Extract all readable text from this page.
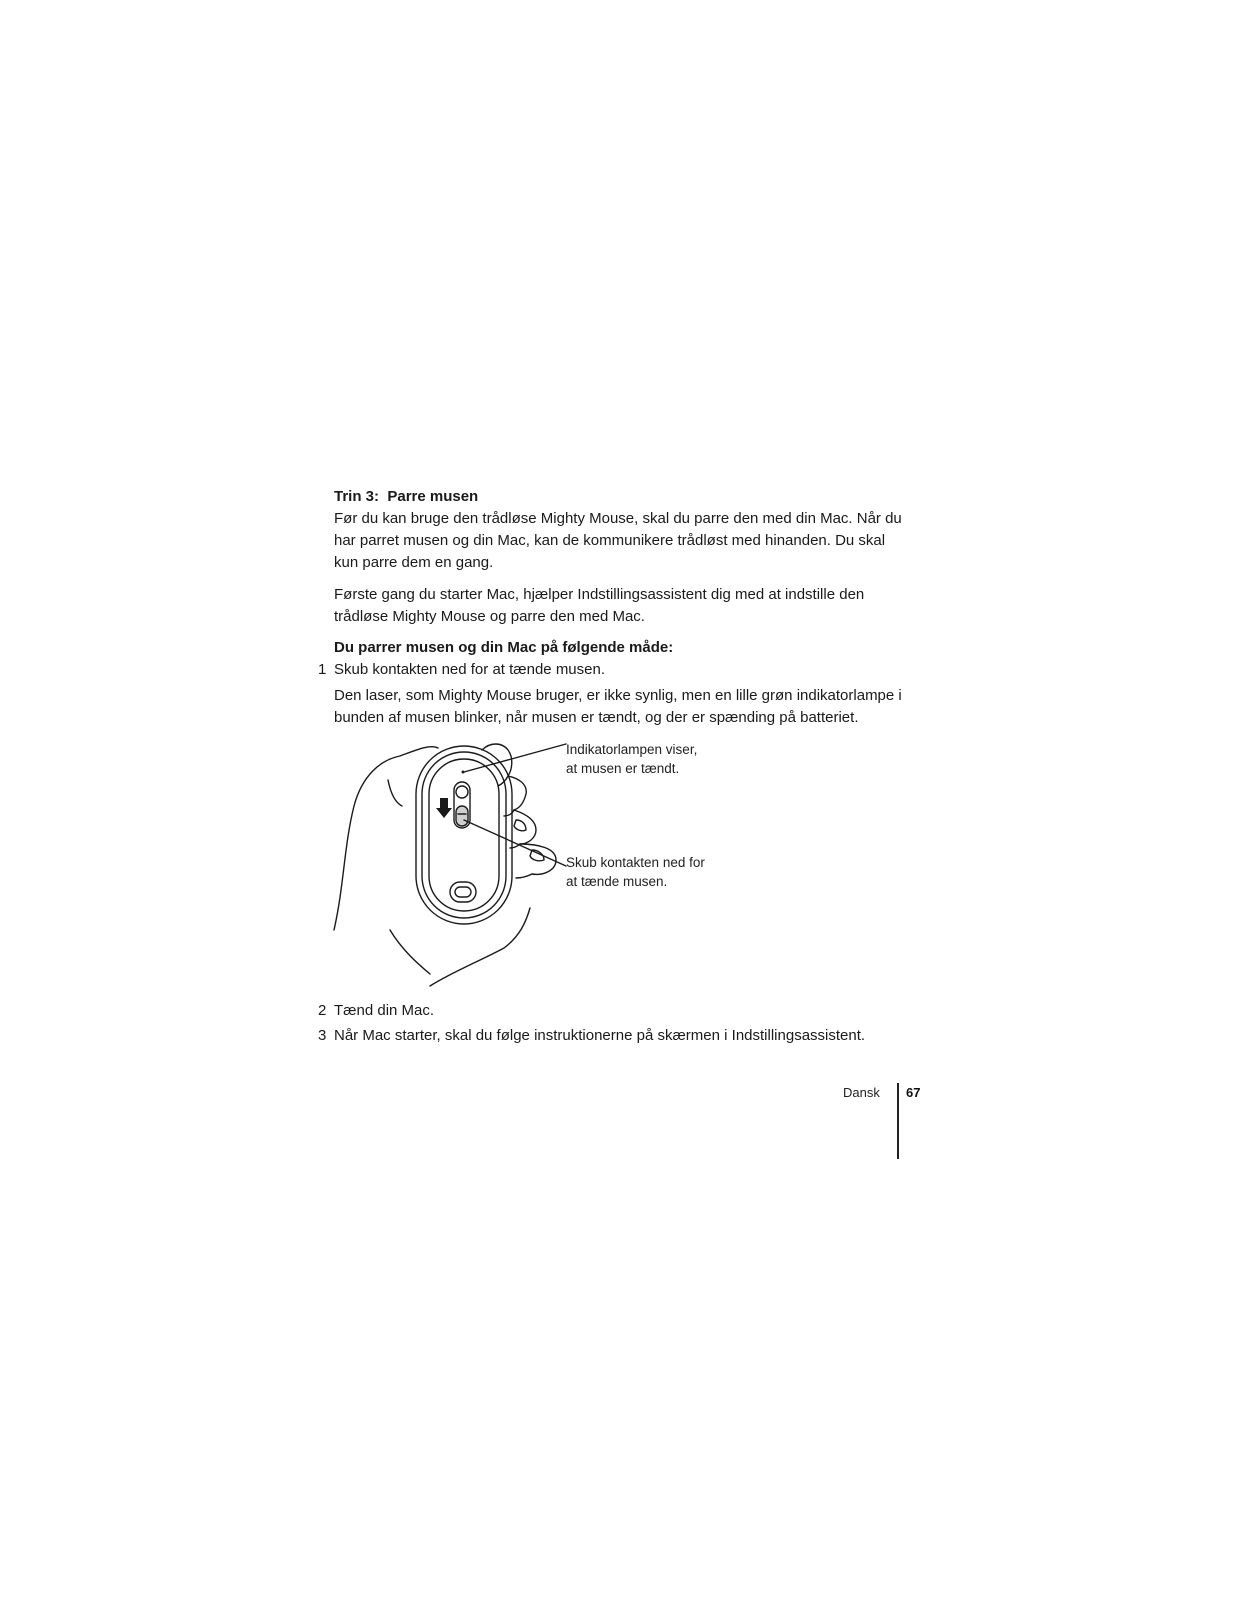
Trin 3:  Parre musen

Før du kan bruge den trådløse Mighty Mouse, skal du parre den med din Mac. Når du har parret musen og din Mac, kan de kommunikere trådløst med hinanden. Du skal kun parre dem en gang.

Første gang du starter Mac, hjælper Indstillingsassistent dig med at indstille den trådløse Mighty Mouse og parre den med Mac.

Du parrer musen og din Mac på følgende måde:
1 Skub kontakten ned for at tænde musen.

Den laser, som Mighty Mouse bruger, er ikke synlig, men en lille grøn indikatorlampe i bunden af musen blinker, når musen er tændt, og der er spænding på batteriet.

Indikatorlampen viser,
at musen er tændt.
Skub kontakten ned for
at tænde musen.
2 Tænd din Mac.
3 Når Mac starter, skal du følge instruktionerne på skærmen i Indstillingsassistent.
Dansk 67
